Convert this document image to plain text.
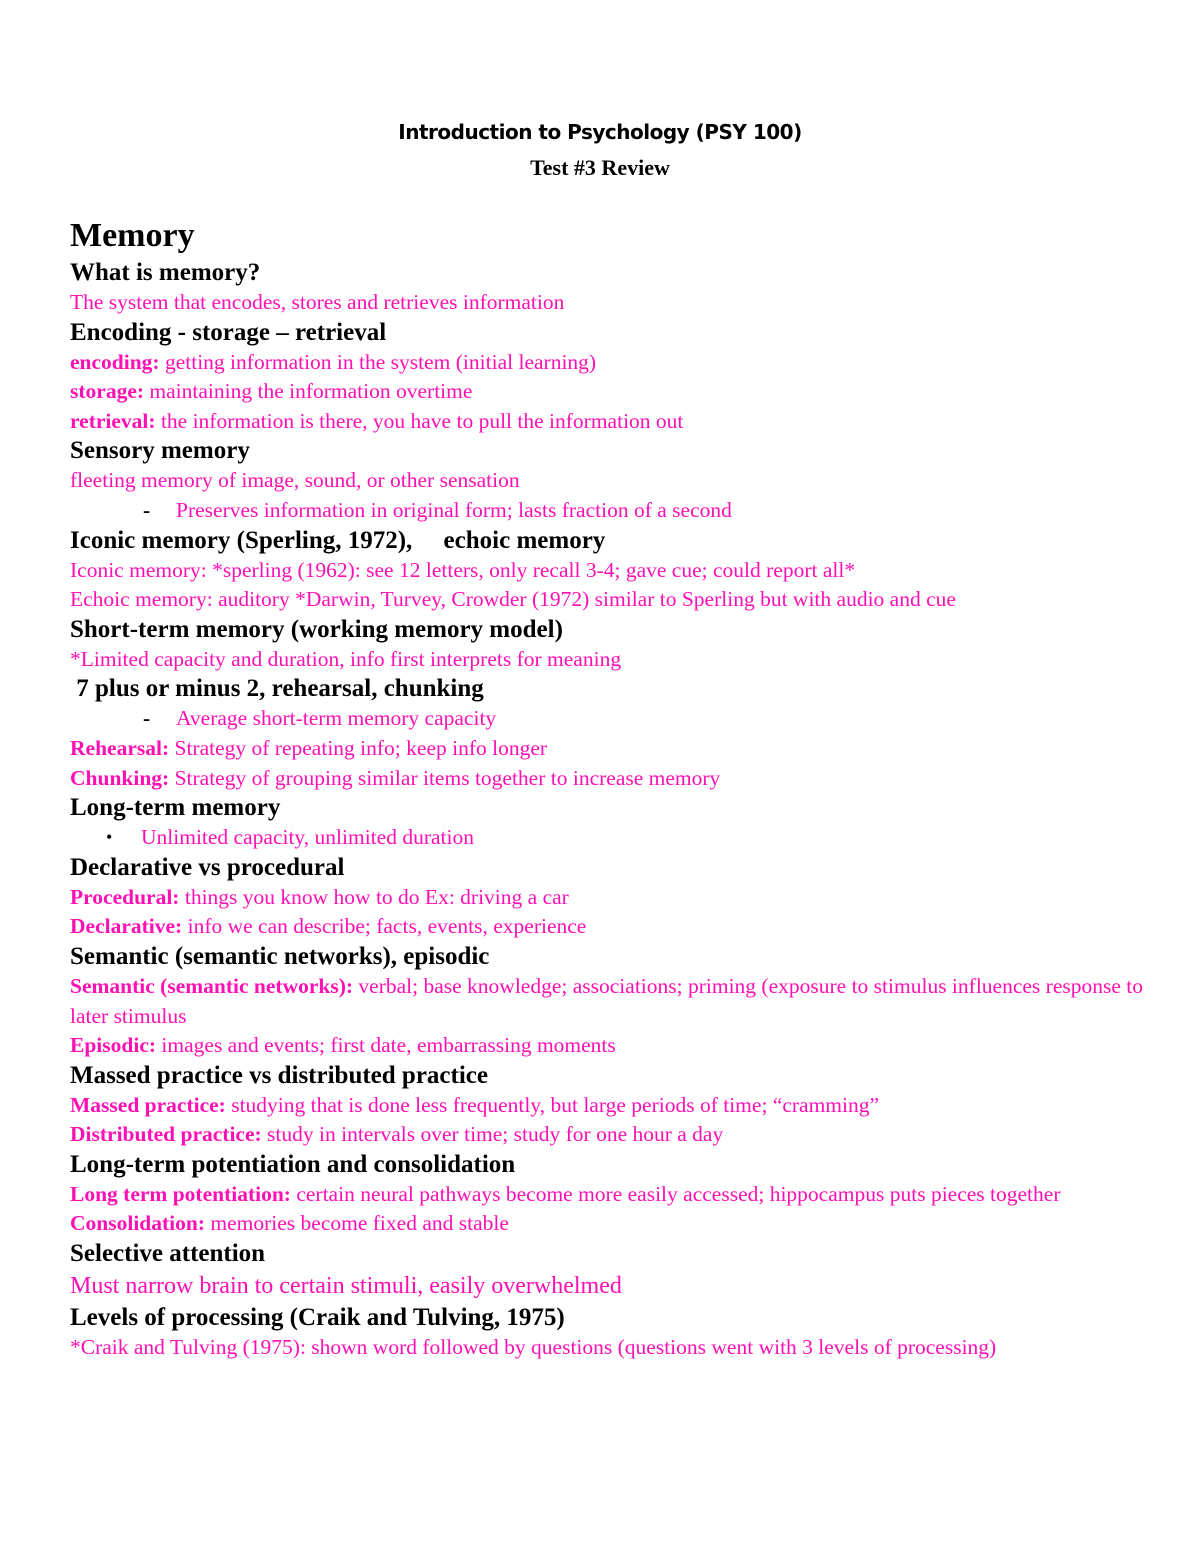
Introduction to Psychology (PSY 100)
Test #3 Review
Memory
What is memory?
The system that encodes, stores and retrieves information
Encoding - storage – retrieval
encoding: getting information in the system (initial learning)
storage: maintaining the information overtime
retrieval: the information is there, you have to pull the information out
Sensory memory
fleeting memory of image, sound, or other sensation
- Preserves information in original form; lasts fraction of a second
Iconic memory (Sperling, 1972),     echoic memory
Iconic memory: *sperling (1962): see 12 letters, only recall 3-4; gave cue; could report all*
Echoic memory: auditory *Darwin, Turvey, Crowder (1972) similar to Sperling but with audio and cue
Short-term memory (working memory model)
*Limited capacity and duration, info first interprets for meaning
7 plus or minus 2, rehearsal, chunking
- Average short-term memory capacity
Rehearsal: Strategy of repeating info; keep info longer
Chunking: Strategy of grouping similar items together to increase memory
Long-term memory
• Unlimited capacity, unlimited duration
Declarative vs procedural
Procedural: things you know how to do Ex: driving a car
Declarative: info we can describe; facts, events, experience
Semantic (semantic networks), episodic
Semantic (semantic networks): verbal; base knowledge; associations; priming (exposure to stimulus influences response to later stimulus
Episodic: images and events; first date, embarrassing moments
Massed practice vs distributed practice
Massed practice: studying that is done less frequently, but large periods of time; “cramming”
Distributed practice: study in intervals over time; study for one hour a day
Long-term potentiation and consolidation
Long term potentiation: certain neural pathways become more easily accessed; hippocampus puts pieces together
Consolidation: memories become fixed and stable
Selective attention
Must narrow brain to certain stimuli, easily overwhelmed
Levels of processing (Craik and Tulving, 1975)
*Craik and Tulving (1975): shown word followed by questions (questions went with 3 levels of processing)
